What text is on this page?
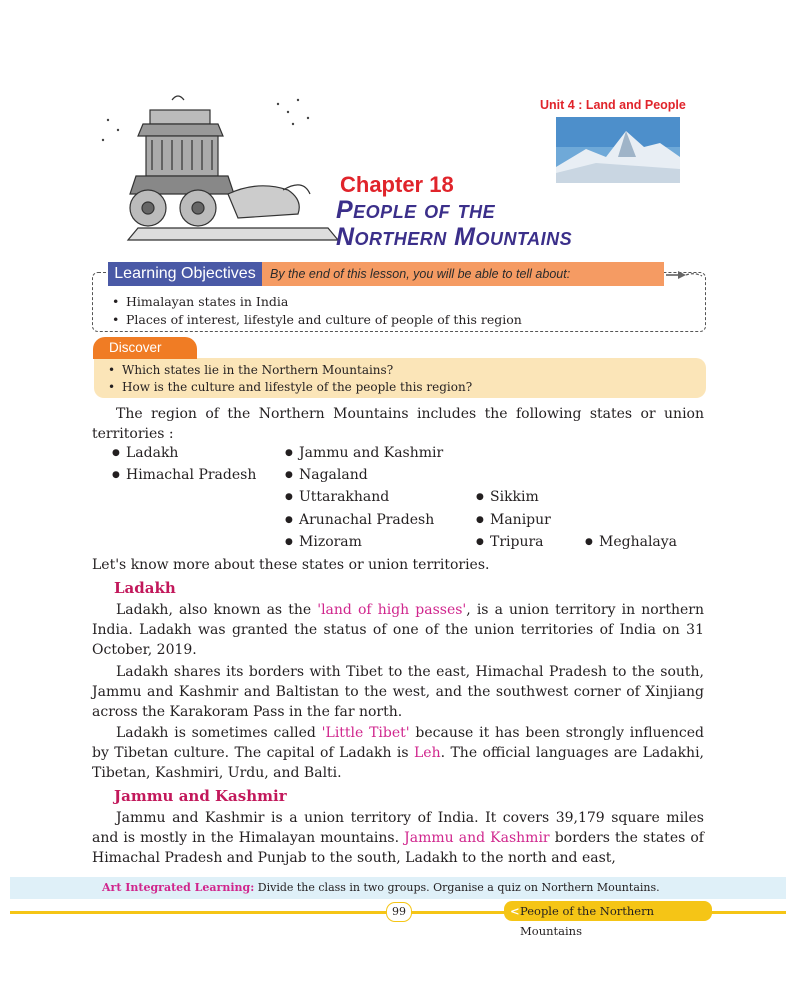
Unit 4 : Land and People
Chapter 18
People of the
Northern Mountains
Learning Objectives	By the end of this lesson, you will be able to tell about:
• Himalayan states in India
• Places of interest, lifestyle and culture of people of this region
Discover
• Which states lie in the Northern Mountains?
• How is the culture and lifestyle of the people this region?
The region of the Northern Mountains includes the following states or union territories :
● Ladakh	● Jammu and Kashmir
● Himachal Pradesh	● Nagaland
● Uttarakhand	● Sikkim
● Arunachal Pradesh	● Manipur
● Mizoram	● Tripura	● Meghalaya
Let's know more about these states or union territories.
Ladakh
Ladakh, also known as the 'land of high passes', is a union territory in northern India. Ladakh was granted the status of one of the union territories of India on 31 October, 2019.
Ladakh shares its borders with Tibet to the east, Himachal Pradesh to the south, Jammu and Kashmir and Baltistan to the west, and the southwest corner of Xinjiang across the Karakoram Pass in the far north.
Ladakh is sometimes called 'Little Tibet' because it has been strongly influenced by Tibetan culture. The capital of Ladakh is Leh. The official languages are Ladakhi, Tibetan, Kashmiri, Urdu, and Balti.
Jammu and Kashmir
Jammu and Kashmir is a union territory of India. It covers 39,179 square miles and is mostly in the Himalayan mountains. Jammu and Kashmir borders the states of Himachal Pradesh and Punjab to the south, Ladakh to the north and east,
Art Integrated Learning: Divide the class in two groups. Organise a quiz on Northern Mountains.
99	< People of the Northern Mountains
